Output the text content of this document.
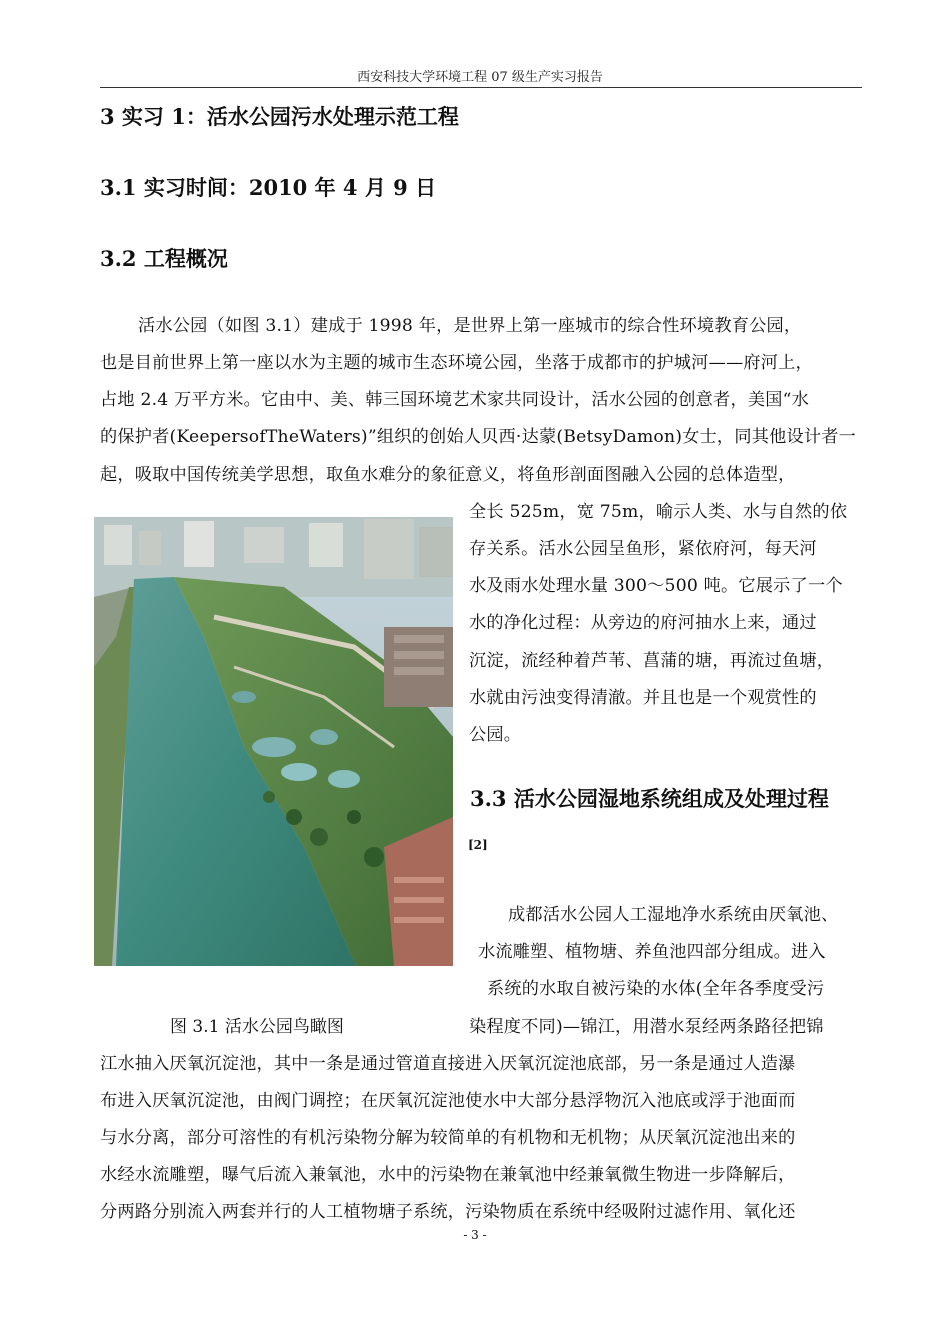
西安科技大学环境工程 07 级生产实习报告
3 实习 1：活水公园污水处理示范工程
3.1 实习时间：2010 年 4 月 9 日
3.2 工程概况
活水公园（如图 3.1）建成于 1998 年，是世界上第一座城市的综合性环境教育公园，
也是目前世界上第一座以水为主题的城市生态环境公园，坐落于成都市的护城河——府河上，
占地 2.4 万平方米。它由中、美、韩三国环境艺术家共同设计，活水公园的创意者，美国“水
的保护者(KeepersofTheWaters)”组织的创始人贝西·达蒙(BetsyDamon)女士，同其他设计者一
起，吸取中国传统美学思想，取鱼水难分的象征意义，将鱼形剖面图融入公园的总体造型，
全长 525m，宽 75m，喻示人类、水与自然的依
存关系。活水公园呈鱼形，紧依府河，每天河
水及雨水处理水量 300～500 吨。它展示了一个
水的净化过程：从旁边的府河抽水上来，通过
沉淀，流经种着芦苇、菖蒲的塘，再流过鱼塘，
水就由污浊变得清澈。并且也是一个观赏性的
公园。
图 3.1 活水公园鸟瞰图
3.3 活水公园湿地系统组成及处理过程
[2]
成都活水公园人工湿地净水系统由厌氧池、
水流雕塑、植物塘、养鱼池四部分组成。进入
系统的水取自被污染的水体(全年各季度受污
染程度不同)—锦江，用潜水泵经两条路径把锦
江水抽入厌氧沉淀池，其中一条是通过管道直接进入厌氧沉淀池底部，另一条是通过人造瀑
布进入厌氧沉淀池，由阀门调控；在厌氧沉淀池使水中大部分悬浮物沉入池底或浮于池面而
与水分离，部分可溶性的有机污染物分解为较简单的有机物和无机物；从厌氧沉淀池出来的
水经水流雕塑，曝气后流入兼氧池，水中的污染物在兼氧池中经兼氧微生物进一步降解后，
分两路分别流入两套并行的人工植物塘子系统，污染物质在系统中经吸附过滤作用、氧化还
- 3 -
